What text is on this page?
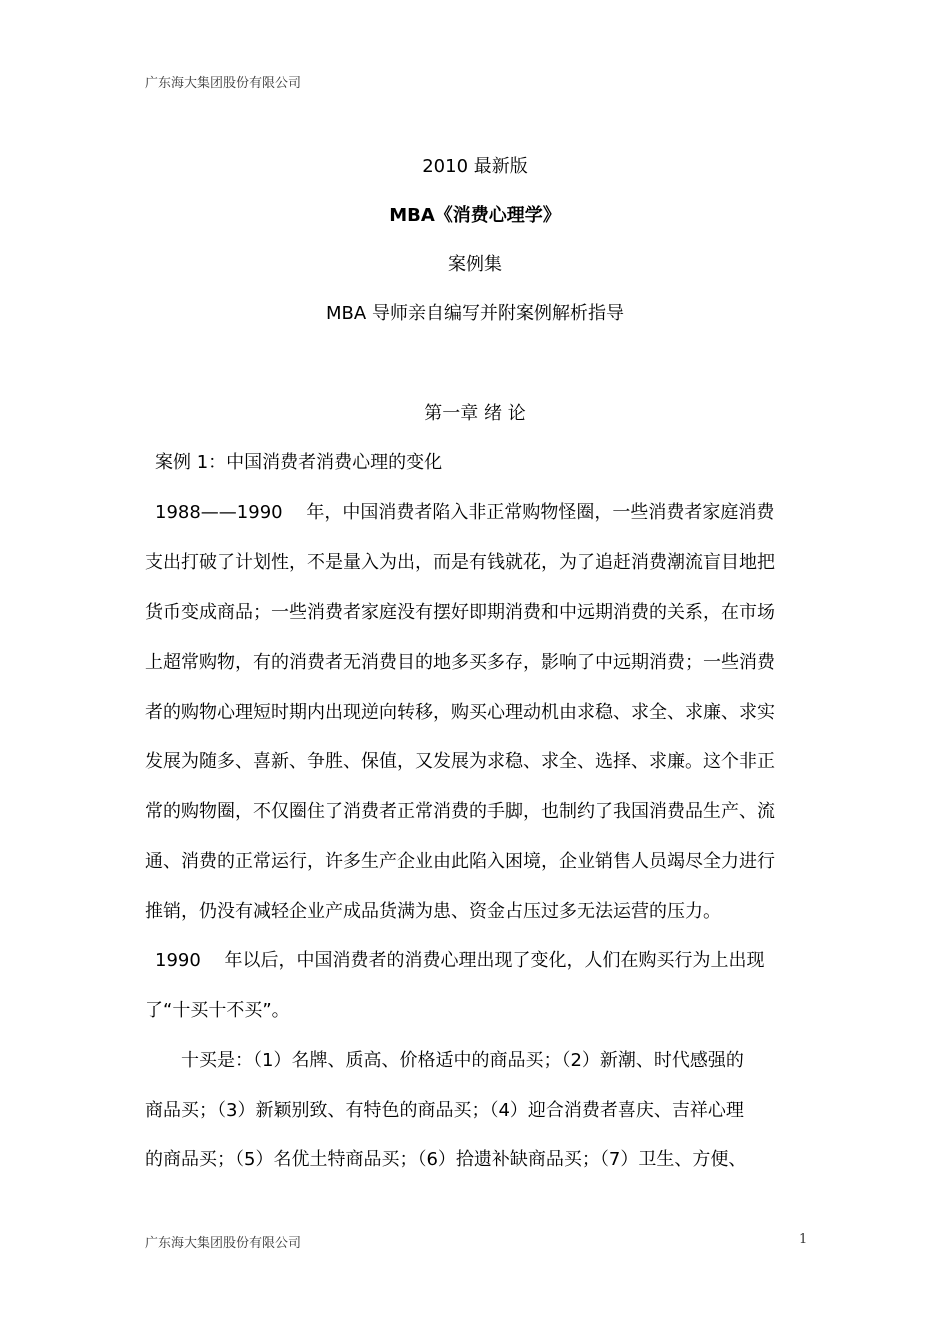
广东海大集团股份有限公司
2010 最新版
MBA《消费心理学》
案例集
MBA 导师亲自编写并附案例解析指导
第一章 绪 论
案例 1：中国消费者消费心理的变化
1988——1990　 年，中国消费者陷入非正常购物怪圈，一些消费者家庭消费
支出打破了计划性，不是量入为出，而是有钱就花，为了追赶消费潮流盲目地把
货币变成商品；一些消费者家庭没有摆好即期消费和中远期消费的关系，在市场
上超常购物，有的消费者无消费目的地多买多存，影响了中远期消费；一些消费
者的购物心理短时期内出现逆向转移，购买心理动机由求稳、求全、求廉、求实
发展为随多、喜新、争胜、保值，又发展为求稳、求全、选择、求廉。这个非正
常的购物圈，不仅圈住了消费者正常消费的手脚，也制约了我国消费品生产、流
通、消费的正常运行，许多生产企业由此陷入困境，企业销售人员竭尽全力进行
推销，仍没有减轻企业产成品货满为患、资金占压过多无法运营的压力。
1990　 年以后，中国消费者的消费心理出现了变化，人们在购买行为上出现
了“十买十不买”。
十买是：（1）名牌、质高、价格适中的商品买；（2）新潮、时代感强的
商品买；（3）新颖别致、有特色的商品买；（4）迎合消费者喜庆、吉祥心理
的商品买；（5）名优土特商品买；（6）拾遗补缺商品买；（7）卫生、方便、
广东海大集团股份有限公司	1
